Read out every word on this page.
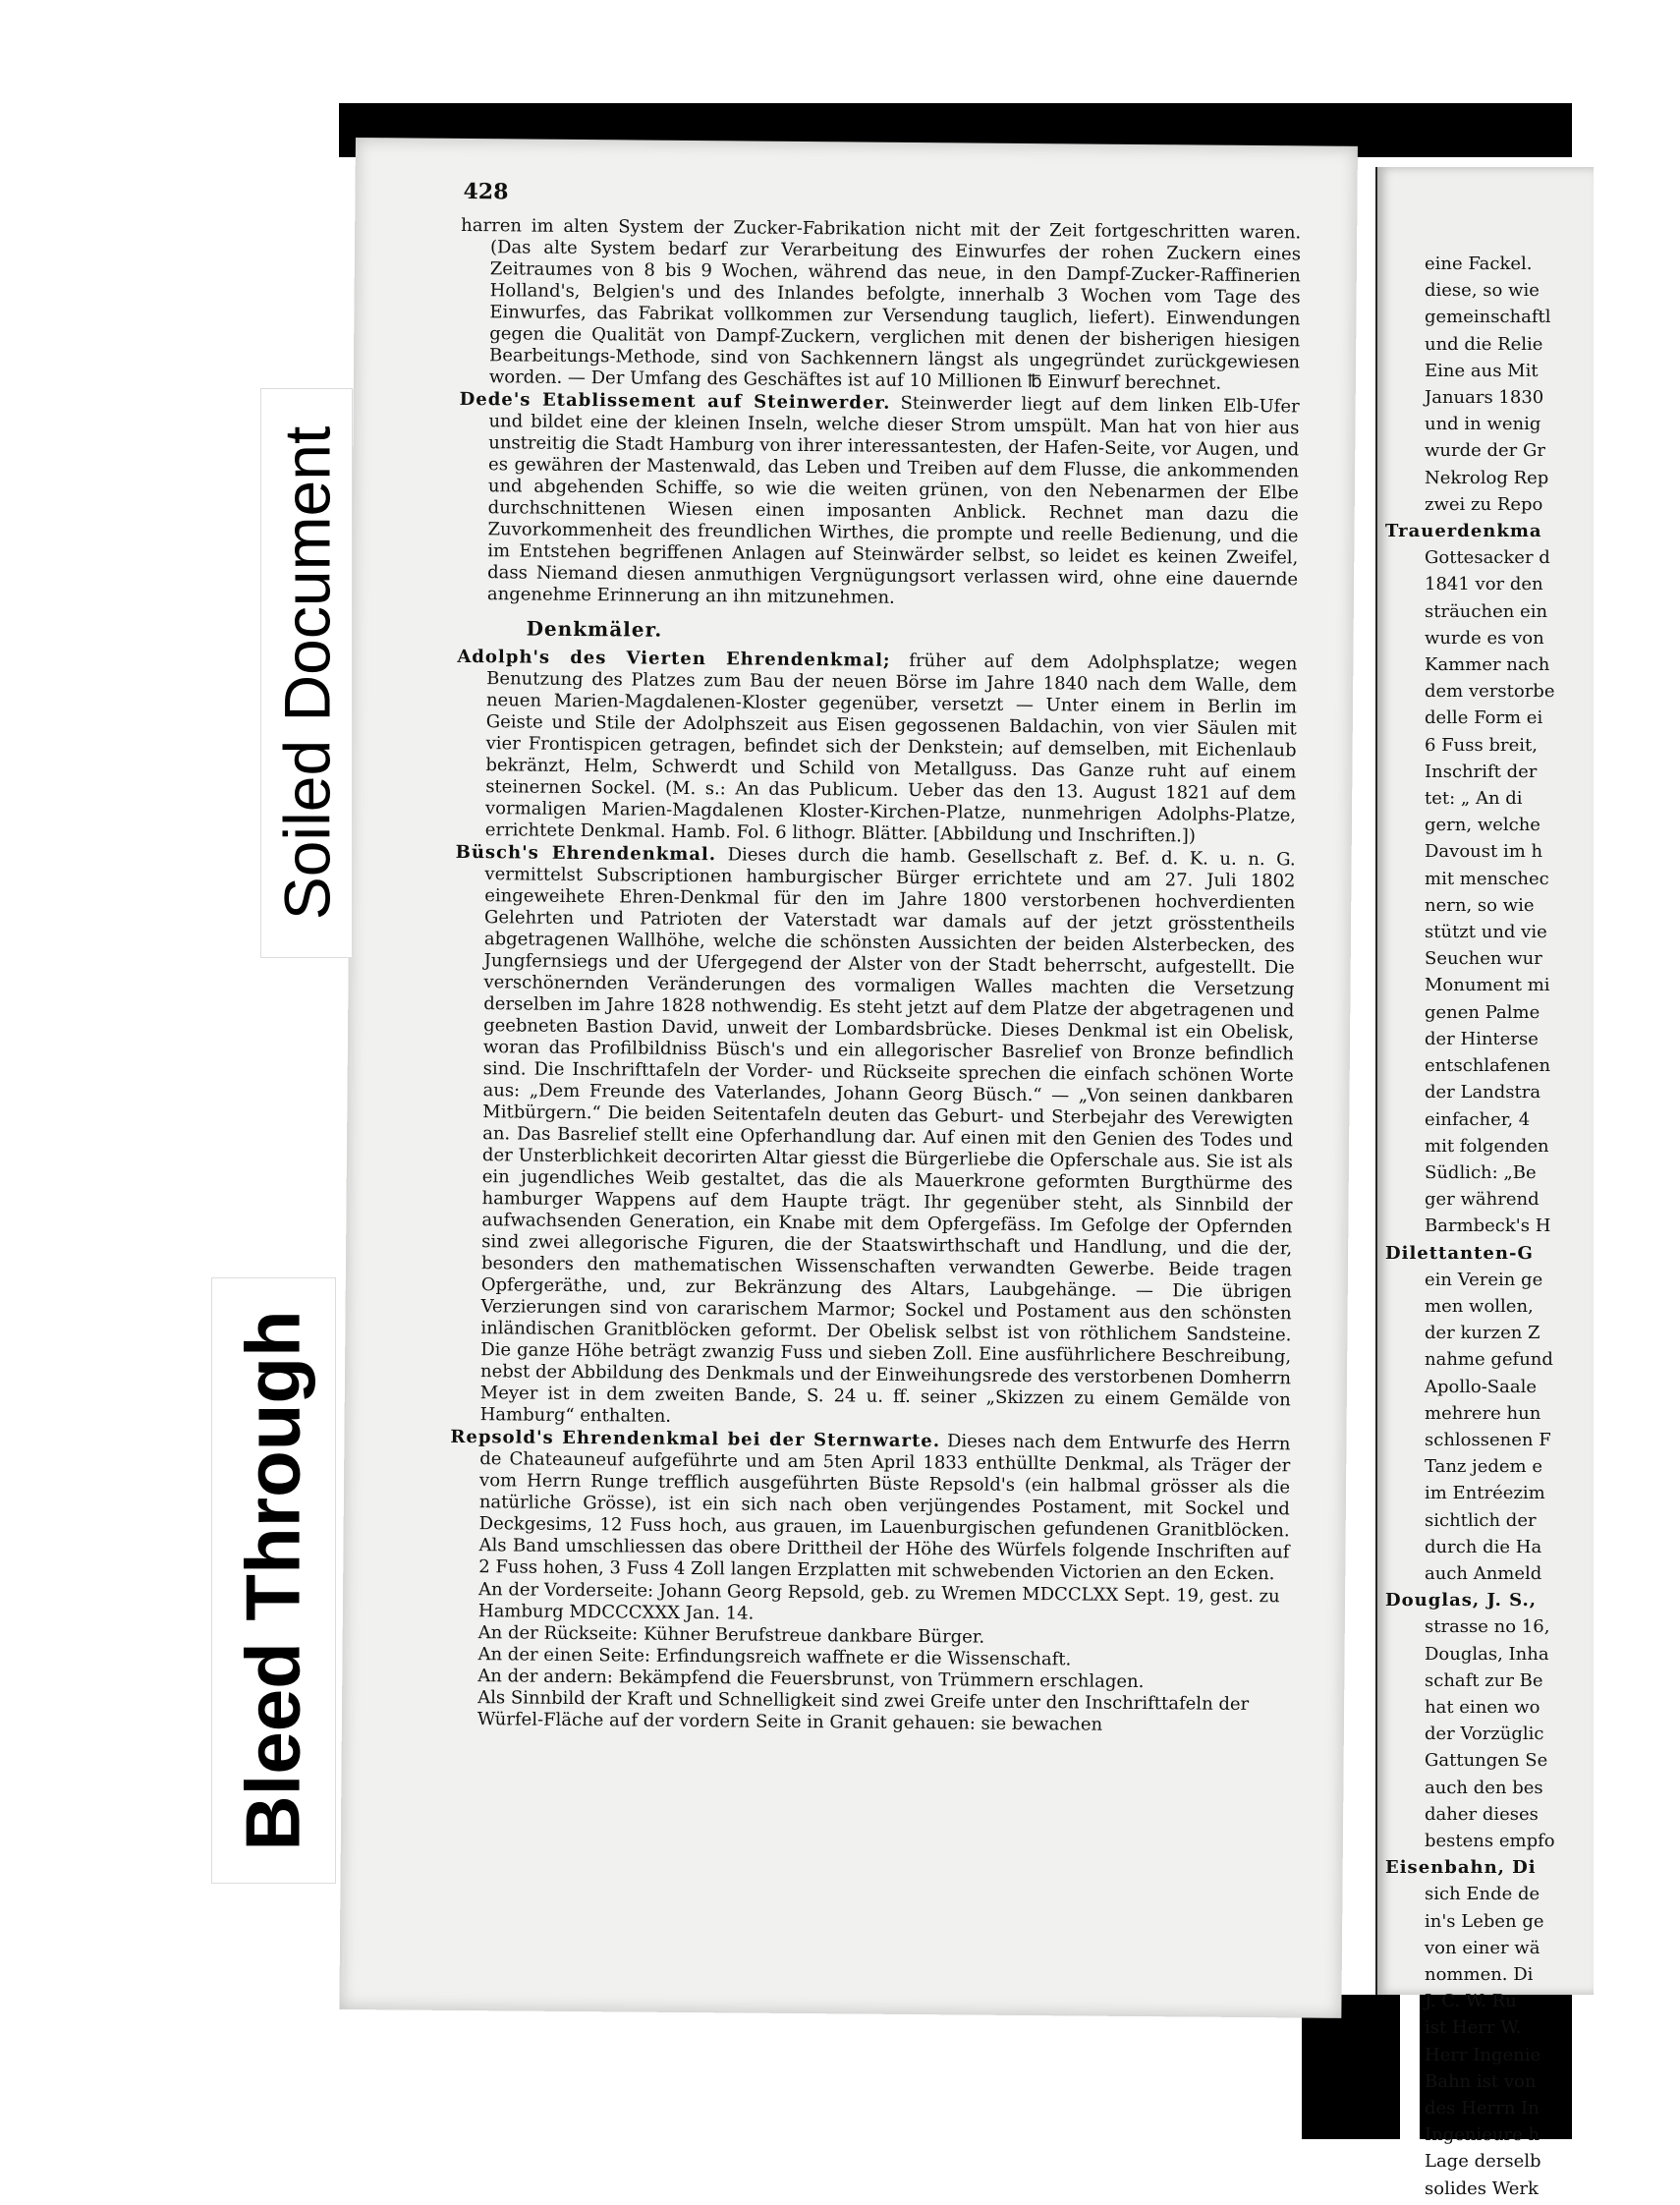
428

harren im alten System der Zucker-Fabrikation nicht mit der Zeit fortgeschritten waren. (Das alte System bedarf zur Verarbeitung des Einwurfes der rohen Zuckern eines Zeitraumes von 8 bis 9 Wochen, während das neue, in den Dampf-Zucker-Raffinerien Holland's, Belgien's und des Inlandes befolgte, innerhalb 3 Wochen vom Tage des Einwurfes, das Fabrikat vollkommen zur Versendung tauglich, liefert). Einwendungen gegen die Qualität von Dampf-Zuckern, verglichen mit denen der bisherigen hiesigen Bearbeitungs-Methode, sind von Sachkennern längst als ungegründet zurückgewiesen worden. — Der Umfang des Geschäftes ist auf 10 Millionen ℔ Einwurf berechnet.

Dede's Etablissement auf Steinwerder. Steinwerder liegt auf dem linken Elb-Ufer und bildet eine der kleinen Inseln, welche dieser Strom umspült. Man hat von hier aus unstreitig die Stadt Hamburg von ihrer interessantesten, der Hafen-Seite, vor Augen, und es gewähren der Mastenwald, das Leben und Treiben auf dem Flusse, die ankommenden und abgehenden Schiffe, so wie die weiten grünen, von den Nebenarmen der Elbe durchschnittenen Wiesen einen imposanten Anblick. Rechnet man dazu die Zuvorkommenheit des freundlichen Wirthes, die prompte und reelle Bedienung, und die im Entstehen begriffenen Anlagen auf Steinwärder selbst, so leidet es keinen Zweifel, dass Niemand diesen anmuthigen Vergnügungsort verlassen wird, ohne eine dauernde angenehme Erinnerung an ihn mitzunehmen.

Denkmäler.

Adolph's des Vierten Ehrendenkmal; früher auf dem Adolphsplatze; wegen Benutzung des Platzes zum Bau der neuen Börse im Jahre 1840 nach dem Walle, dem neuen Marien-Magdalenen-Kloster gegenüber, versetzt — Unter einem in Berlin im Geiste und Stile der Adolphszeit aus Eisen gegossenen Baldachin, von vier Säulen mit vier Frontispicen getragen, befindet sich der Denkstein; auf demselben, mit Eichenlaub bekränzt, Helm, Schwerdt und Schild von Metallguss. Das Ganze ruht auf einem steinernen Sockel. (M. s.: An das Publicum. Ueber das den 13. August 1821 auf dem vormaligen Marien-Magdalenen Kloster-Kirchen-Platze, nunmehrigen Adolphs-Platze, errichtete Denkmal. Hamb. Fol. 6 lithogr. Blätter. [Abbildung und Inschriften.])

Büsch's Ehrendenkmal. Dieses durch die hamb. Gesellschaft z. Bef. d. K. u. n. G. vermittelst Subscriptionen hamburgischer Bürger errichtete und am 27. Juli 1802 eingeweihete Ehren-Denkmal für den im Jahre 1800 verstorbenen hochverdienten Gelehrten und Patrioten der Vaterstadt war damals auf der jetzt grösstentheils abgetragenen Wallhöhe, welche die schönsten Aussichten der beiden Alsterbecken, des Jungfernsiegs und der Ufergegend der Alster von der Stadt beherrscht, aufgestellt. Die verschönernden Veränderungen des vormaligen Walles machten die Versetzung derselben im Jahre 1828 nothwendig. Es steht jetzt auf dem Platze der abgetragenen und geebneten Bastion David, unweit der Lombardsbrücke. Dieses Denkmal ist ein Obelisk, woran das Profilbildniss Büsch's und ein allegorischer Basrelief von Bronze befindlich sind. Die Inschrifttafeln der Vorder- und Rückseite sprechen die einfach schönen Worte aus: „Dem Freunde des Vaterlandes, Johann Georg Büsch.“ — „Von seinen dankbaren Mitbürgern.“ Die beiden Seitentafeln deuten das Geburt- und Sterbejahr des Verewigten an. Das Basrelief stellt eine Opferhandlung dar. Auf einen mit den Genien des Todes und der Unsterblichkeit decorirten Altar giesst die Bürgerliebe die Opferschale aus. Sie ist als ein jugendliches Weib gestaltet, das die als Mauerkrone geformten Burgthürme des hamburger Wappens auf dem Haupte trägt. Ihr gegenüber steht, als Sinnbild der aufwachsenden Generation, ein Knabe mit dem Opfergefäss. Im Gefolge der Opfernden sind zwei allegorische Figuren, die der Staatswirthschaft und Handlung, und die der, besonders den mathematischen Wissenschaften verwandten Gewerbe. Beide tragen Opfergeräthe, und, zur Bekränzung des Altars, Laubgehänge. — Die übrigen Verzierungen sind von cararischem Marmor; Sockel und Postament aus den schönsten inländischen Granitblöcken geformt. Der Obelisk selbst ist von röthlichem Sandsteine. Die ganze Höhe beträgt zwanzig Fuss und sieben Zoll. Eine ausführlichere Beschreibung, nebst der Abbildung des Denkmals und der Einweihungsrede des verstorbenen Domherrn Meyer ist in dem zweiten Bande, S. 24 u. ff. seiner „Skizzen zu einem Gemälde von Hamburg“ enthalten.

Repsold's Ehrendenkmal bei der Sternwarte. Dieses nach dem Entwurfe des Herrn de Chateauneuf aufgeführte und am 5ten April 1833 enthüllte Denkmal, als Träger der vom Herrn Runge trefflich ausgeführten Büste Repsold's (ein halbmal grösser als die natürliche Grösse), ist ein sich nach oben verjüngendes Postament, mit Sockel und Deckgesims, 12 Fuss hoch, aus grauen, im Lauenburgischen gefundenen Granitblöcken. Als Band umschliessen das obere Drittheil der Höhe des Würfels folgende Inschriften auf 2 Fuss hohen, 3 Fuss 4 Zoll langen Erzplatten mit schwebenden Victorien an den Ecken.

An der Vorderseite: Johann Georg Repsold, geb. zu Wremen MDCCLXX Sept. 19, gest. zu Hamburg MDCCCXXX Jan. 14.

An der Rückseite: Kühner Berufstreue dankbare Bürger.

An der einen Seite: Erfindungsreich waffnete er die Wissenschaft.

An der andern: Bekämpfend die Feuersbrunst, von Trümmern erschlagen.

Als Sinnbild der Kraft und Schnelligkeit sind zwei Greife unter den Inschrifttafeln der Würfel-Fläche auf der vordern Seite in Granit gehauen: sie bewachen

eine Fackel.
diese, so wie
gemeinschaftl
und die Relie
Eine aus Mit
Januars 1830
und in wenig
wurde der Gr
Nekrolog Rep
zwei zu Repo
Trauerdenkma
Gottesacker d
1841 vor den
sträuchen ein
wurde es von
Kammer nach
dem verstorbe
delle Form ei
6 Fuss breit,
Inschrift der
tet: „ An di
gern, welche
Davoust im h
mit menschec
nern, so wie
stützt und vie
Seuchen wur
Monument mi
genen Palme
der Hinterse
entschlafenen
der Landstra
einfacher, 4
mit folgenden
Südlich: „Be
ger während
Barmbeck's H
Dilettanten-G
ein Verein ge
men wollen,
der kurzen Z
nahme gefund
Apollo-Saale
mehrere hun
schlossenen F
Tanz jedem e
im Entréezim
sichtlich der
durch die Ha
auch Anmeld
Douglas, J. S.,
strasse no 16,
Douglas, Inha
schaft zur Be
hat einen wo
der Vorzüglic
Gattungen Se
auch den bes
daher dieses
bestens empfo
Eisenbahn, Di
sich Ende de
in's Leben ge
von einer wä
nommen. Di
J. C. W. Ru
ist Herr W.
Herr Ingenie
Bahn ist von
des Herrn In
Ingenieure h
Lage derselb
solides Werk
Soiled Document
Bleed Through
